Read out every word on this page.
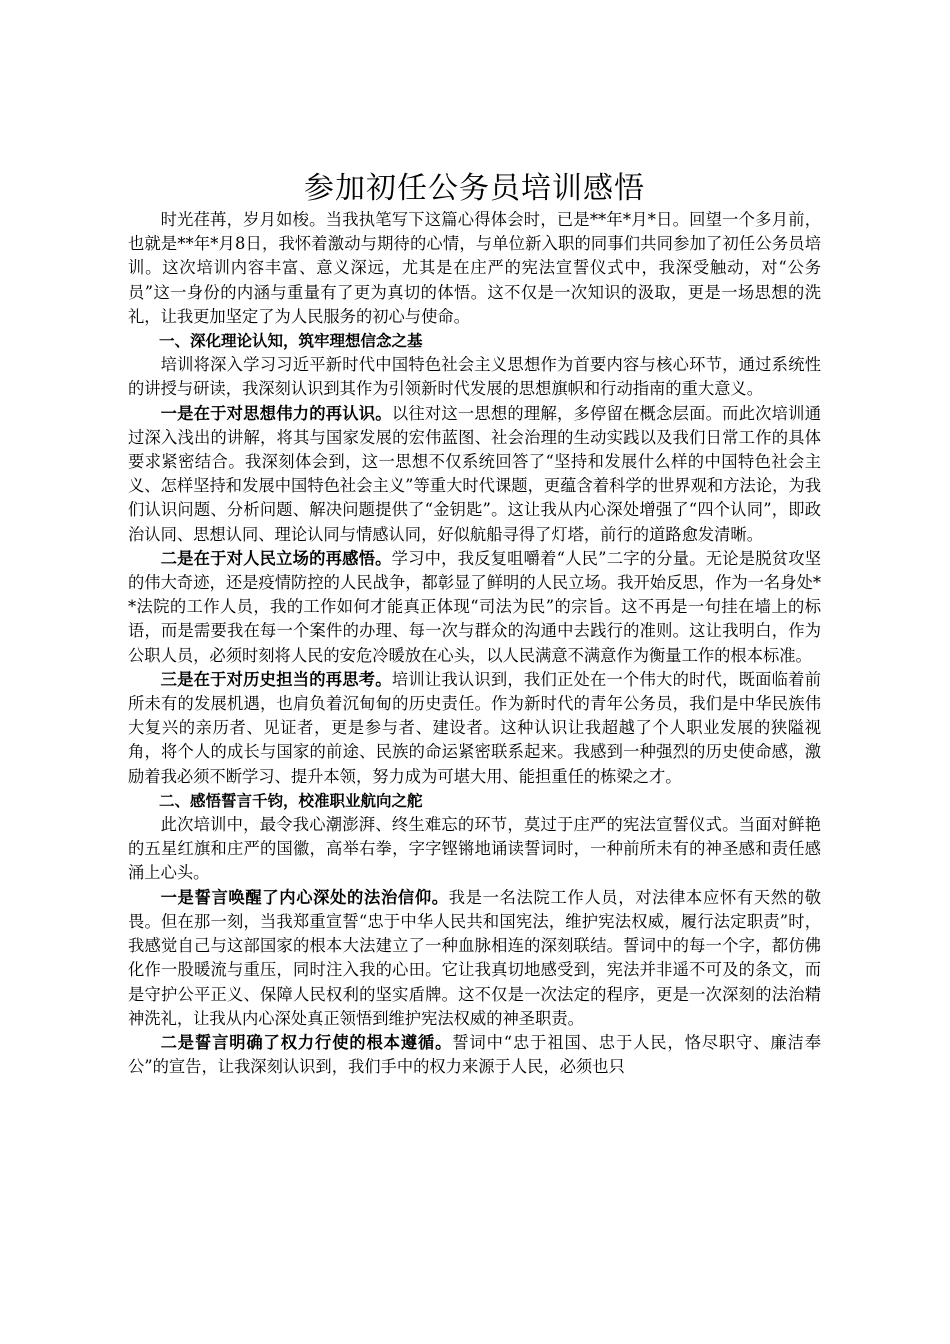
参加初任公务员培训感悟

时光荏苒，岁月如梭。当我执笔写下这篇心得体会时，已是**年*月*日。回望一个多月前，也就是**年*月8日，我怀着激动与期待的心情，与单位新入职的同事们共同参加了初任公务员培训。这次培训内容丰富、意义深远，尤其是在庄严的宪法宣誓仪式中，我深受触动，对“公务员”这一身份的内涵与重量有了更为真切的体悟。这不仅是一次知识的汲取，更是一场思想的洗礼，让我更加坚定了为人民服务的初心与使命。

一、深化理论认知，筑牢理想信念之基

培训将深入学习习近平新时代中国特色社会主义思想作为首要内容与核心环节，通过系统性的讲授与研读，我深刻认识到其作为引领新时代发展的思想旗帜和行动指南的重大意义。

一是在于对思想伟力的再认识。以往对这一思想的理解，多停留在概念层面。而此次培训通过深入浅出的讲解，将其与国家发展的宏伟蓝图、社会治理的生动实践以及我们日常工作的具体要求紧密结合。我深刻体会到，这一思想不仅系统回答了“坚持和发展什么样的中国特色社会主义、怎样坚持和发展中国特色社会主义”等重大时代课题，更蕴含着科学的世界观和方法论，为我们认识问题、分析问题、解决问题提供了“金钥匙”。这让我从内心深处增强了“四个认同”，即政治认同、思想认同、理论认同与情感认同，好似航船寻得了灯塔，前行的道路愈发清晰。

二是在于对人民立场的再感悟。学习中，我反复咀嚼着“人民”二字的分量。无论是脱贫攻坚的伟大奇迹，还是疫情防控的人民战争，都彰显了鲜明的人民立场。我开始反思，作为一名身处**法院的工作人员，我的工作如何才能真正体现“司法为民”的宗旨。这不再是一句挂在墙上的标语，而是需要我在每一个案件的办理、每一次与群众的沟通中去践行的准则。这让我明白，作为公职人员，必须时刻将人民的安危冷暖放在心头，以人民满意不满意作为衡量工作的根本标准。

三是在于对历史担当的再思考。培训让我认识到，我们正处在一个伟大的时代，既面临着前所未有的发展机遇，也肩负着沉甸甸的历史责任。作为新时代的青年公务员，我们是中华民族伟大复兴的亲历者、见证者，更是参与者、建设者。这种认识让我超越了个人职业发展的狭隘视角，将个人的成长与国家的前途、民族的命运紧密联系起来。我感到一种强烈的历史使命感，激励着我必须不断学习、提升本领，努力成为可堪大用、能担重任的栋梁之才。

二、感悟誓言千钧，校准职业航向之舵

此次培训中，最令我心潮澎湃、终生难忘的环节，莫过于庄严的宪法宣誓仪式。当面对鲜艳的五星红旗和庄严的国徽，高举右拳，字字铿锵地诵读誓词时，一种前所未有的神圣感和责任感涌上心头。

一是誓言唤醒了内心深处的法治信仰。我是一名法院工作人员，对法律本应怀有天然的敬畏。但在那一刻，当我郑重宣誓“忠于中华人民共和国宪法，维护宪法权威，履行法定职责”时，我感觉自己与这部国家的根本大法建立了一种血脉相连的深刻联结。誓词中的每一个字，都仿佛化作一股暖流与重压，同时注入我的心田。它让我真切地感受到，宪法并非遥不可及的条文，而是守护公平正义、保障人民权利的坚实盾牌。这不仅是一次法定的程序，更是一次深刻的法治精神洗礼，让我从内心深处真正领悟到维护宪法权威的神圣职责。

二是誓言明确了权力行使的根本遵循。誓词中“忠于祖国、忠于人民，恪尽职守、廉洁奉公”的宣告，让我深刻认识到，我们手中的权力来源于人民，必须也只
